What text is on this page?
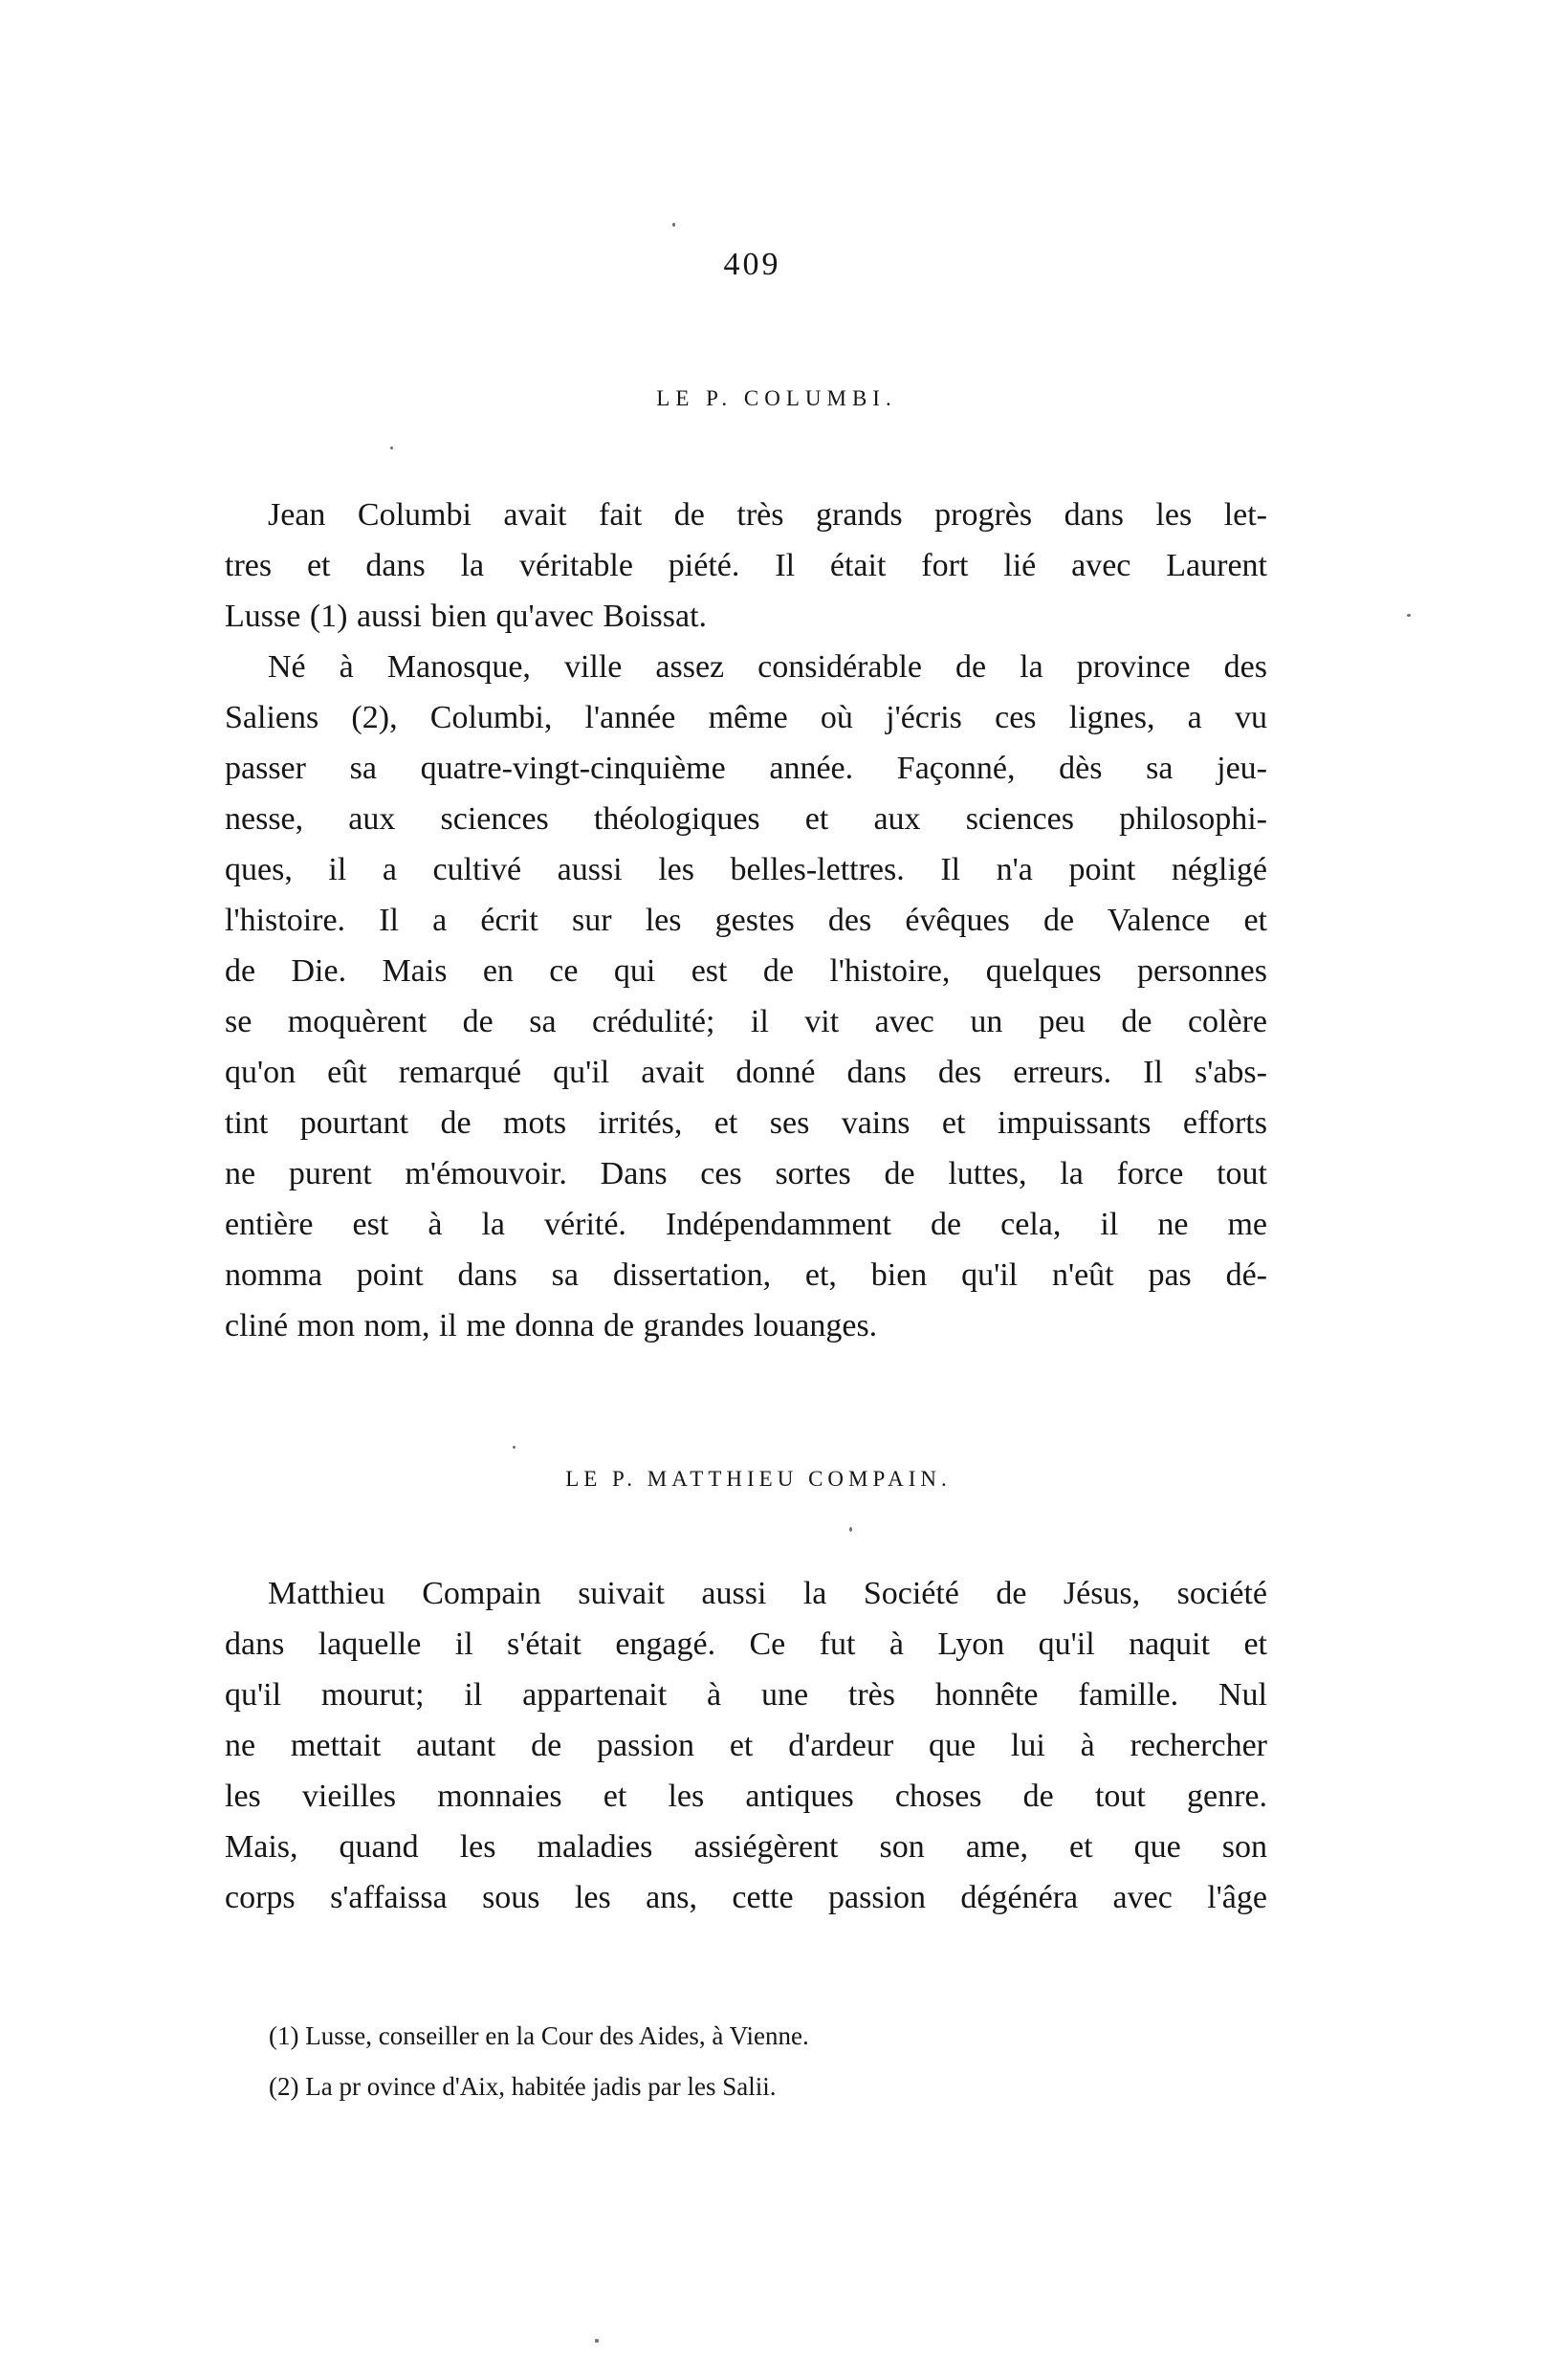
409
LE P. COLUMBI.
Jean Columbi avait fait de très grands progrès dans les let-
tres et dans la véritable piété. Il était fort lié avec Laurent
Lusse (1) aussi bien qu'avec Boissat.
Né à Manosque, ville assez considérable de la province des
Saliens (2), Columbi, l'année même où j'écris ces lignes, a vu
passer sa quatre-vingt-cinquième année. Façonné, dès sa jeu-
nesse, aux sciences théologiques et aux sciences philosophi-
ques, il a cultivé aussi les belles-lettres. Il n'a point négligé
l'histoire. Il a écrit sur les gestes des évêques de Valence et
de Die. Mais en ce qui est de l'histoire, quelques personnes
se moquèrent de sa crédulité; il vit avec un peu de colère
qu'on eût remarqué qu'il avait donné dans des erreurs. Il s'abs-
tint pourtant de mots irrités, et ses vains et impuissants efforts
ne purent m'émouvoir. Dans ces sortes de luttes, la force tout
entière est à la vérité. Indépendamment de cela, il ne me
nomma point dans sa dissertation, et, bien qu'il n'eût pas dé-
cliné mon nom, il me donna de grandes louanges.
LE P. MATTHIEU COMPAIN.
Matthieu Compain suivait aussi la Société de Jésus, société
dans laquelle il s'était engagé. Ce fut à Lyon qu'il naquit et
qu'il mourut; il appartenait à une très honnête famille. Nul
ne mettait autant de passion et d'ardeur que lui à rechercher
les vieilles monnaies et les antiques choses de tout genre.
Mais, quand les maladies assiégèrent son ame, et que son
corps s'affaissa sous les ans, cette passion dégénéra avec l'âge
(1) Lusse, conseiller en la Cour des Aides, à Vienne.
(2) La pr ovince d'Aix, habitée jadis par les Salii.
